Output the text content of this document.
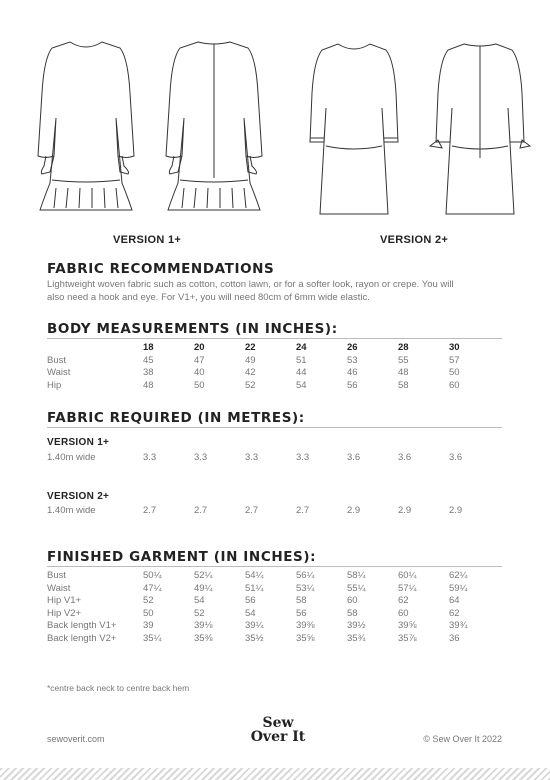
VERSION 1+	VERSION 2+
FABRIC RECOMMENDATIONS

Lightweight woven fabric such as cotton, cotton lawn, or for a softer look, rayon or crepe. You will
also need a hook and eye. For V1+, you will need 80cm of 6mm wide elastic.

BODY MEASUREMENTS (IN INCHES):
	18	20	22	24	26	28	30
Bust	45	47	49	51	53	55	57
Waist	38	40	42	44	46	48	50
Hip	48	50	52	54	56	58	60
FABRIC REQUIRED (IN METRES):
VERSION 1+
1.40m wide	3.3	3.3	3.3	3.3	3.6	3.6	3.6
VERSION 2+
1.40m wide	2.7	2.7	2.7	2.7	2.9	2.9	2.9
FINISHED GARMENT (IN INCHES):
Bust	50¼	52¼	54¼	56¼	58¼	60¼	62¼
Waist	47¼	49¼	51¼	53¼	55¼	57¼	59¼
Hip V1+	52	54	56	58	60	62	64
Hip V2+	50	52	54	56	58	60	62
Back length V1+	39	39⅛	39¼	39⅜	39½	39⅝	39¾
Back length V2+	35¼	35⅜	35½	35⅝	35¾	35⅞	36
*centre back neck to centre back hem
sewoverit.com
Sew
Over It	© Sew Over It 2022
